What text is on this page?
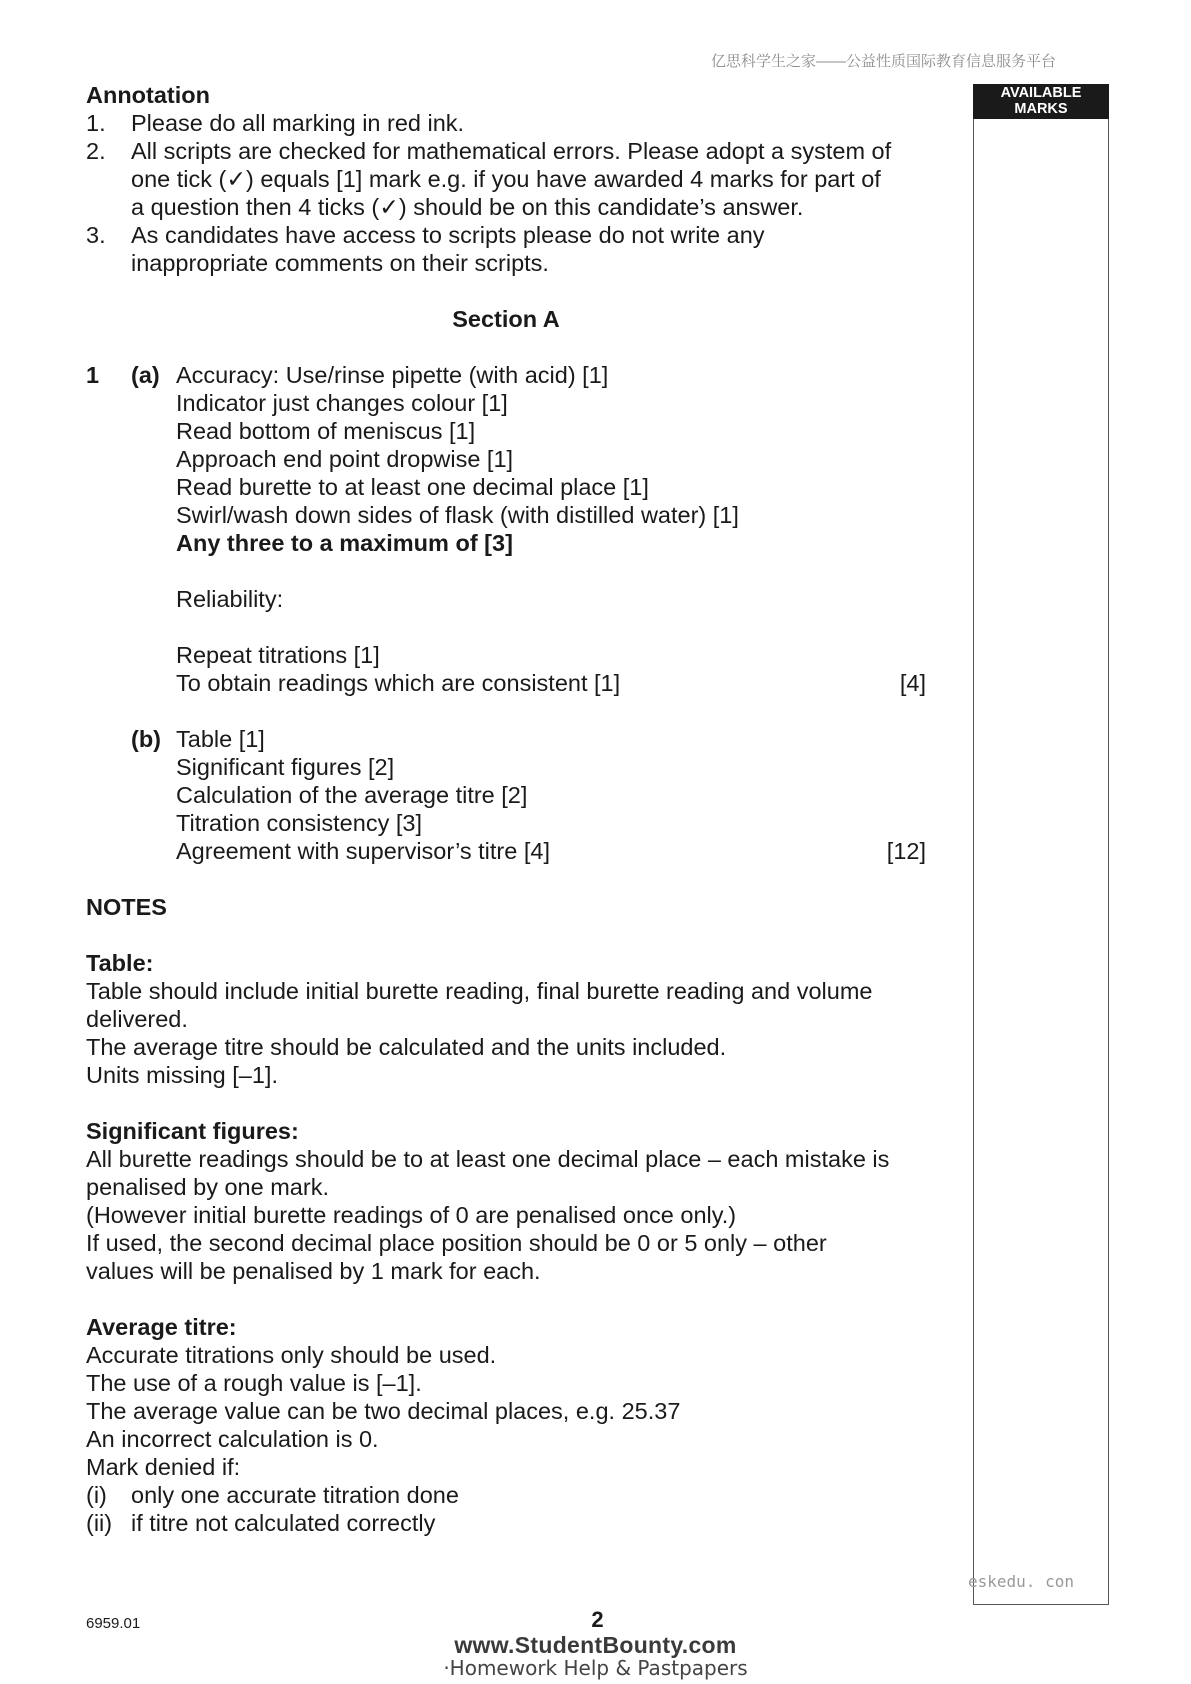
亿思科学生之家——公益性质国际教育信息服务平台
AVAILABLE
MARKS
Annotation
1. Please do all marking in red ink.
2. All scripts are checked for mathematical errors. Please adopt a system of
one tick (✓) equals [1] mark e.g. if you have awarded 4 marks for part of
a question then 4 ticks (✓) should be on this candidate’s answer.
3. As candidates have access to scripts please do not write any
inappropriate comments on their scripts.
Section A
1 (a) Accuracy: Use/rinse pipette (with acid) [1]
Indicator just changes colour [1]
Read bottom of meniscus [1]
Approach end point dropwise [1]
Read burette to at least one decimal place [1]
Swirl/wash down sides of flask (with distilled water) [1]
Any three to a maximum of [3]
Reliability:
Repeat titrations [1]
To obtain readings which are consistent [1]	[4]
(b) Table [1]
Significant figures [2]
Calculation of the average titre [2]
Titration consistency [3]
Agreement with supervisor’s titre [4]	[12]
NOTES
Table:
Table should include initial burette reading, final burette reading and volume
delivered.
The average titre should be calculated and the units included.
Units missing [–1].
Significant figures:
All burette readings should be to at least one decimal place – each mistake is
penalised by one mark.
(However initial burette readings of 0 are penalised once only.)
If used, the second decimal place position should be 0 or 5 only – other
values will be penalised by 1 mark for each.
Average titre:
Accurate titrations only should be used.
The use of a rough value is [–1].
The average value can be two decimal places, e.g. 25.37
An incorrect calculation is 0.
Mark denied if:
(i) only one accurate titration done
(ii) if titre not calculated correctly
eskedu. con
6959.01	2
www.StudentBounty.com
·Homework Help & Pastpapers
